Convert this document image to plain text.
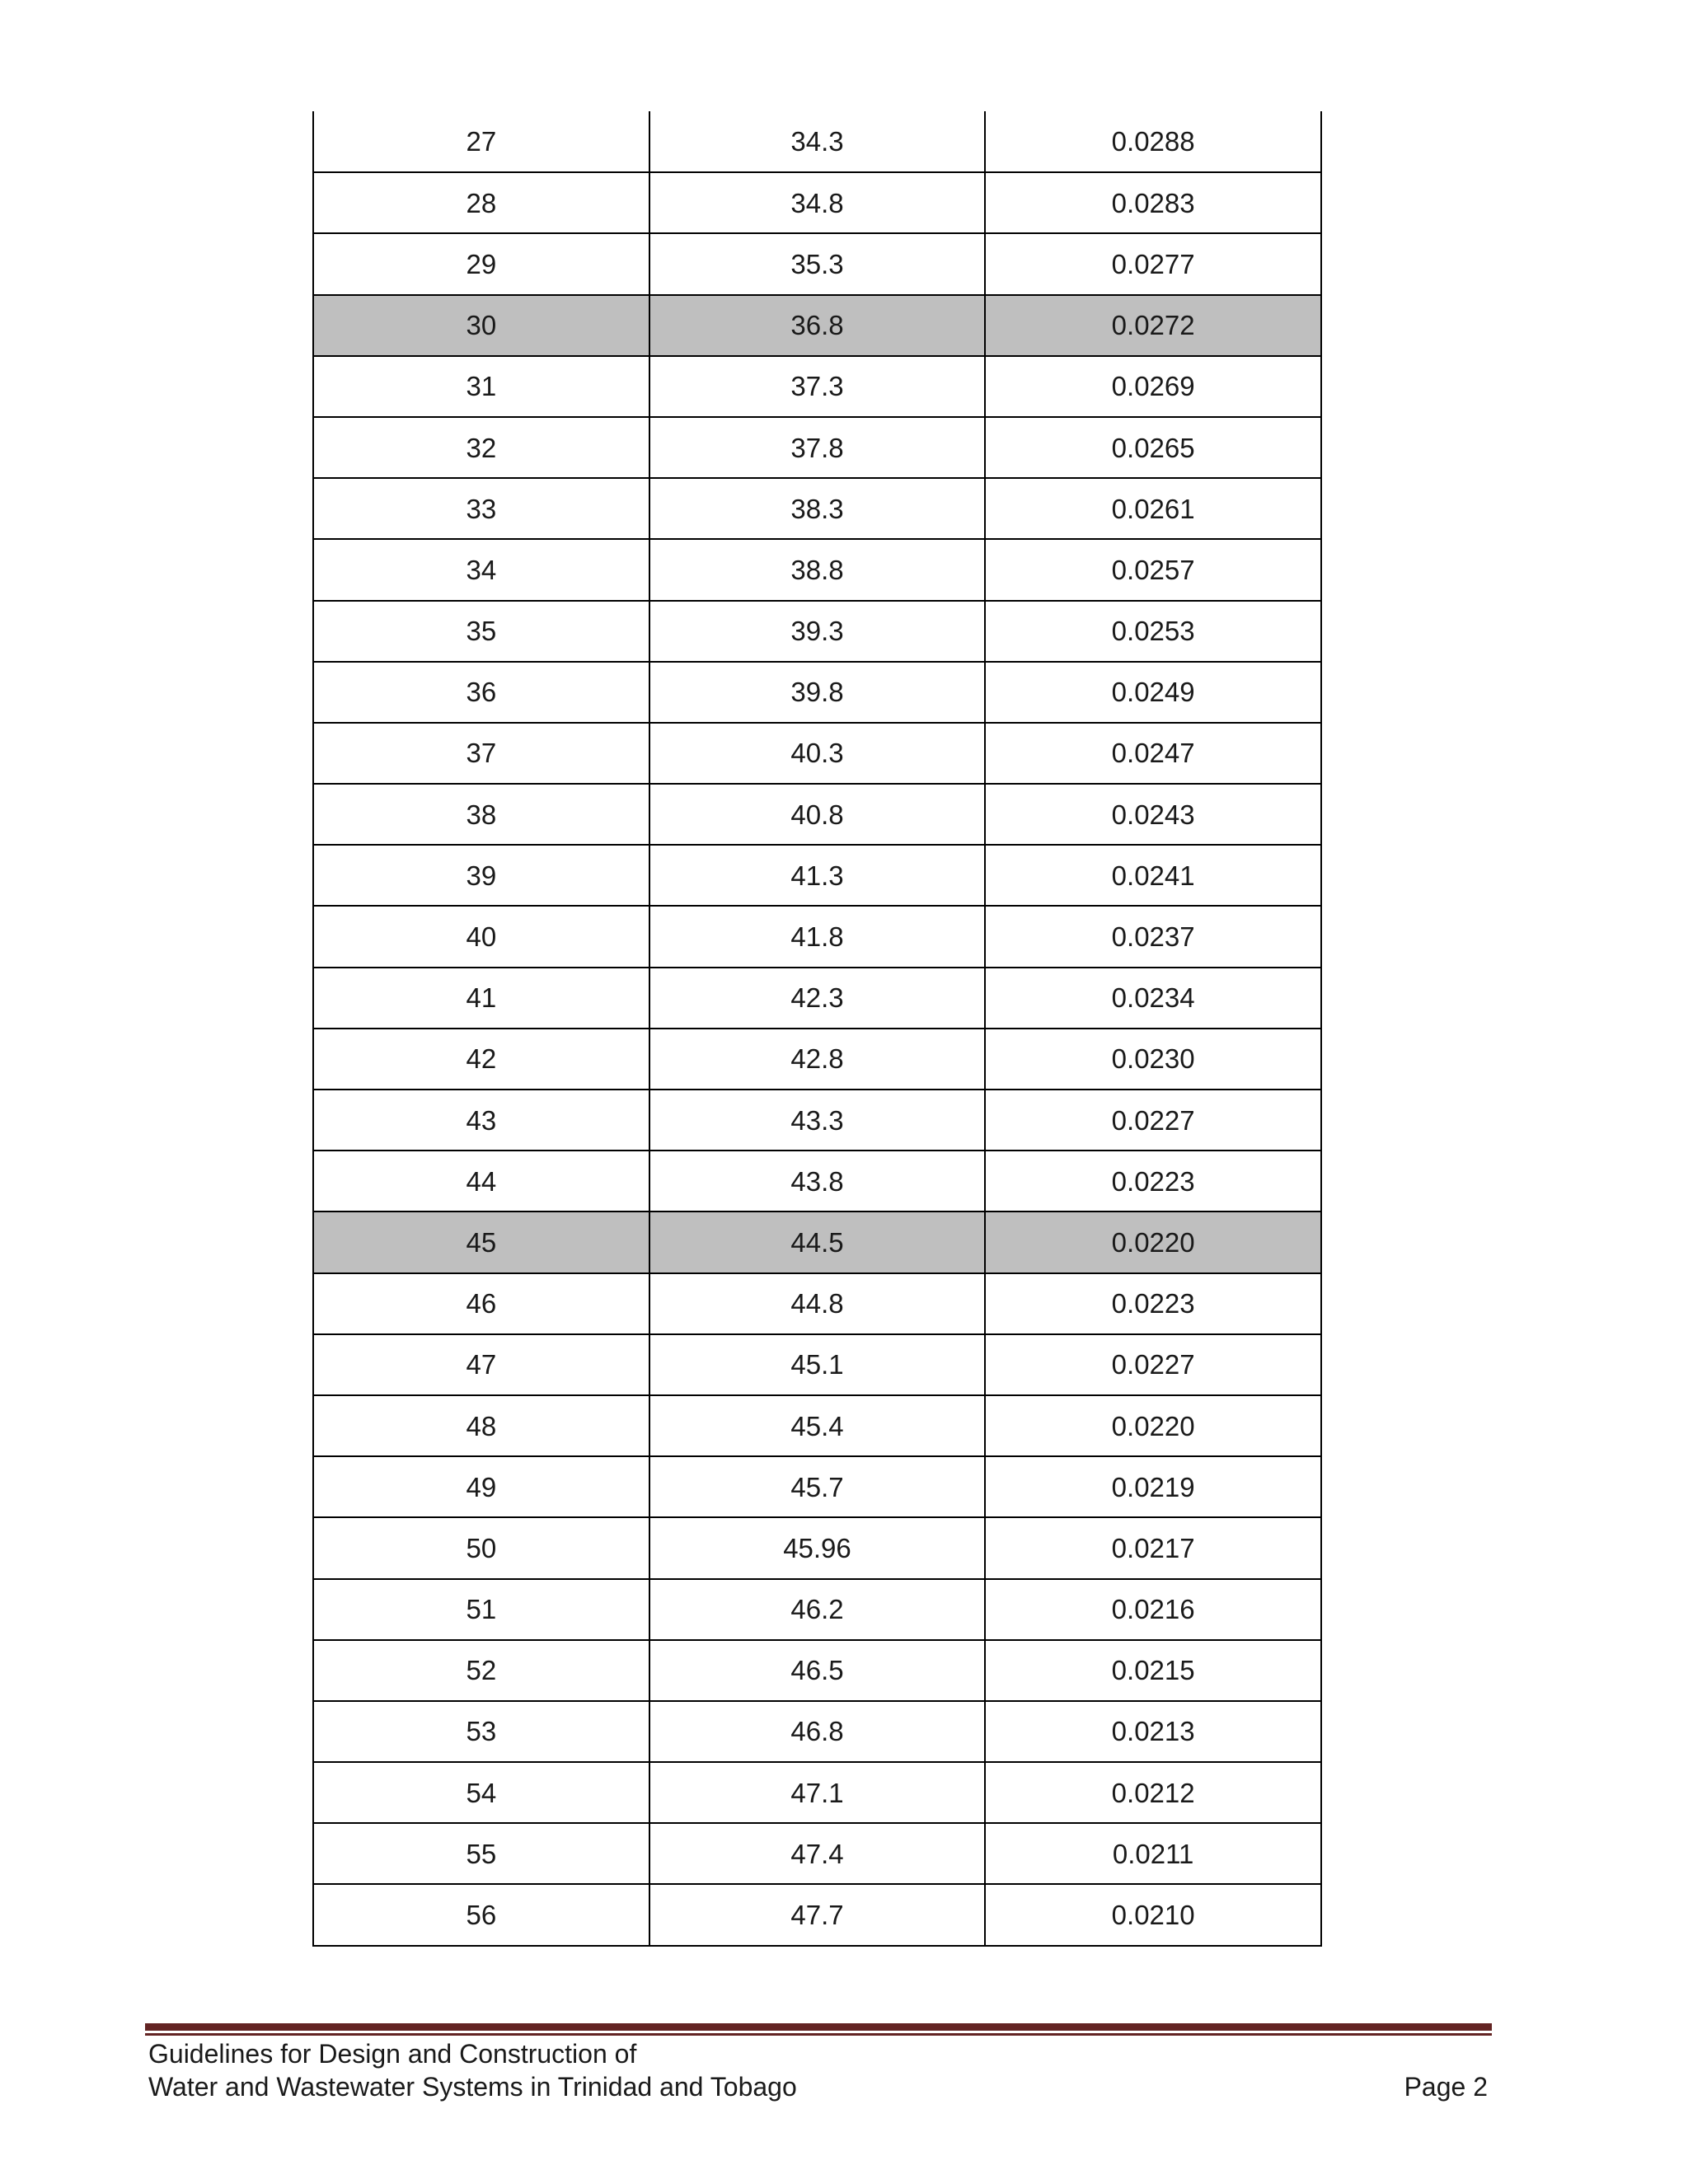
27	34.3	0.0288
28	34.8	0.0283
29	35.3	0.0277
30	36.8	0.0272
31	37.3	0.0269
32	37.8	0.0265
33	38.3	0.0261
34	38.8	0.0257
35	39.3	0.0253
36	39.8	0.0249
37	40.3	0.0247
38	40.8	0.0243
39	41.3	0.0241
40	41.8	0.0237
41	42.3	0.0234
42	42.8	0.0230
43	43.3	0.0227
44	43.8	0.0223
45	44.5	0.0220
46	44.8	0.0223
47	45.1	0.0227
48	45.4	0.0220
49	45.7	0.0219
50	45.96	0.0217
51	46.2	0.0216
52	46.5	0.0215
53	46.8	0.0213
54	47.1	0.0212
55	47.4	0.0211
56	47.7	0.0210
Guidelines for Design and Construction of
Water and Wastewater Systems in Trinidad and Tobago	Page 2
